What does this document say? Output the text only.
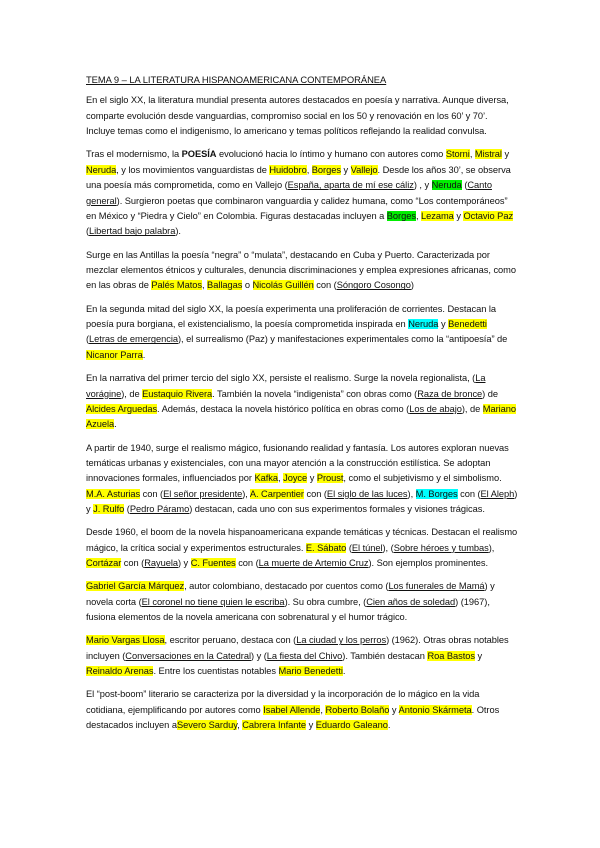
TEMA 9 – LA LITERATURA HISPANOAMERICANA CONTEMPORÁNEA

En el siglo XX, la literatura mundial presenta autores destacados en poesía y narrativa. Aunque diversa, comparte evolución desde vanguardias, compromiso social en los 50 y renovación en los 60’ y 70’. Incluye temas como el indigenismo, lo americano y temas políticos reflejando la realidad convulsa.

Tras el modernismo, la POESÍA evolucionó hacia lo íntimo y humano con autores como Storni, Mistral y Neruda, y los movimientos vanguardistas de Huidobro, Borges y Vallejo. Desde los años 30’, se observa una poesía más comprometida, como en Vallejo (España, aparta de mí ese cáliz) , y Neruda (Canto general). Surgieron poetas que combinaron vanguardia y calidez humana, como “Los contemporáneos” en México y “Piedra y Cielo” en Colombia. Figuras destacadas incluyen a Borges, Lezama y Octavio Paz (Libertad bajo palabra).

Surge en las Antillas la poesía “negra” o “mulata”, destacando en Cuba y Puerto. Caracterizada por mezclar elementos étnicos y culturales, denuncia discriminaciones y emplea expresiones africanas, como en las obras de Palés Matos, Ballagas o Nicolás Guillén con (Sóngoro Cosongo)

En la segunda mitad del siglo XX, la poesía experimenta una proliferación de corrientes. Destacan la poesía pura borgiana, el existencialismo, la poesía comprometida inspirada en Neruda y Benedetti (Letras de emergencia), el surrealismo (Paz) y manifestaciones experimentales como la “antipoesía” de Nicanor Parra.

En la narrativa del primer tercio del siglo XX, persiste el realismo. Surge la novela regionalista, (La vorágine), de Eustaquio Rivera. También la novela “indigenista” con obras como (Raza de bronce) de Alcides Arguedas. Además, destaca la novela histórico política en obras como (Los de abajo), de Mariano Azuela.

A partir de 1940, surge el realismo mágico, fusionando realidad y fantasía. Los autores exploran nuevas temáticas urbanas y existenciales, con una mayor atención a la construcción estilística. Se adoptan innovaciones formales, influenciados por Kafka, Joyce y Proust, como el subjetivismo y el simbolismo. M.A. Asturias con (El señor presidente), A. Carpentier con (El siglo de las luces), M. Borges con (El Aleph) y J. Rulfo (Pedro Páramo) destacan, cada uno con sus experimentos formales y visiones trágicas.

Desde 1960, el boom de la novela hispanoamericana expande temáticas y técnicas. Destacan el realismo mágico, la crítica social y experimentos estructurales. E. Sábato (El túnel), (Sobre héroes y tumbas), Cortázar con (Rayuela) y C. Fuentes con (La muerte de Artemio Cruz). Son ejemplos prominentes.

Gabriel García Márquez, autor colombiano, destacado por cuentos como (Los funerales de Mamá) y novela corta (El coronel no tiene quien le escriba). Su obra cumbre, (Cien años de soledad) (1967), fusiona elementos de la novela americana con sobrenatural y el humor trágico.

Mario Vargas Llosa, escritor peruano, destaca con (La ciudad y los perros) (1962). Otras obras notables incluyen (Conversaciones en la Catedral) y (La fiesta del Chivo). También destacan Roa Bastos y Reinaldo Arenas. Entre los cuentistas notables Mario Benedetti.

El “post-boom” literario se caracteriza por la diversidad y la incorporación de lo mágico en la vida cotidiana, ejemplificando por autores como Isabel Allende, Roberto Bolaño y Antonio Skármeta. Otros destacados incluyen aSevero Sarduy, Cabrera Infante y Eduardo Galeano.
